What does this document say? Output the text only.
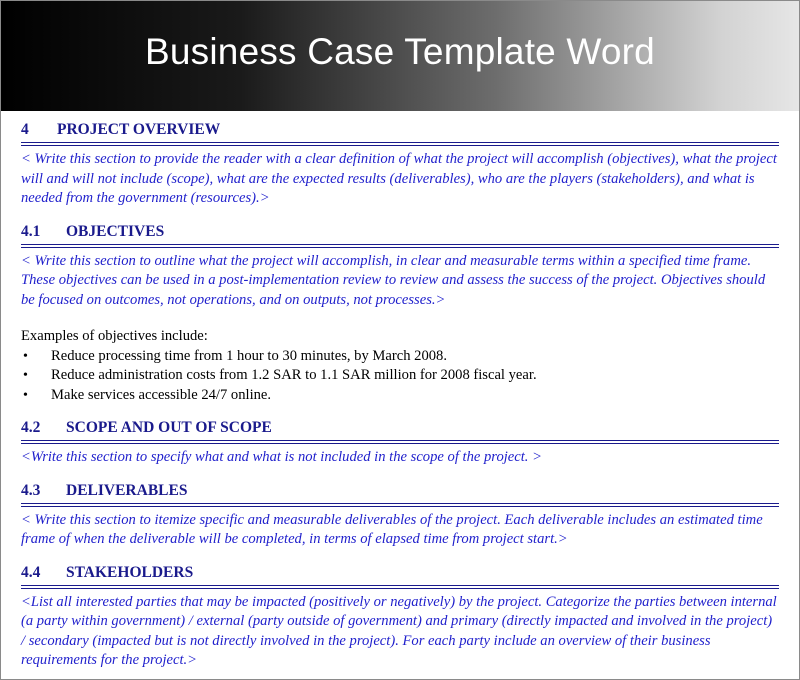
Business Case Template Word
4	PROJECT OVERVIEW
< Write this section to provide the reader with a clear definition of what the project will accomplish (objectives), what the project will and will not include (scope), what are the expected results (deliverables), who are the players (stakeholders), and what is needed from the government (resources).>
4.1	OBJECTIVES
< Write this section to outline what the project will accomplish, in clear and measurable terms within a specified time frame. These objectives can be used in a post-implementation review to review and assess the success of the project. Objectives should be focused on outcomes, not operations, and on outputs, not processes.>
Examples of objectives include:
• Reduce processing time from 1 hour to 30 minutes, by March 2008.
• Reduce administration costs from 1.2 SAR to 1.1 SAR million for 2008 fiscal year.
• Make services accessible 24/7 online.
4.2	SCOPE AND OUT OF SCOPE
<Write this section to specify what and what is not included in the scope of the project. >
4.3	DELIVERABLES
< Write this section to itemize specific and measurable deliverables of the project. Each deliverable includes an estimated time frame of when the deliverable will be completed, in terms of elapsed time from project start.>
4.4	STAKEHOLDERS
<List all interested parties that may be impacted (positively or negatively) by the project. Categorize the parties between internal (a party within government) / external (party outside of government) and primary (directly impacted and involved in the project) / secondary (impacted but is not directly involved in the project). For each party include an overview of their business requirements for the project.>
